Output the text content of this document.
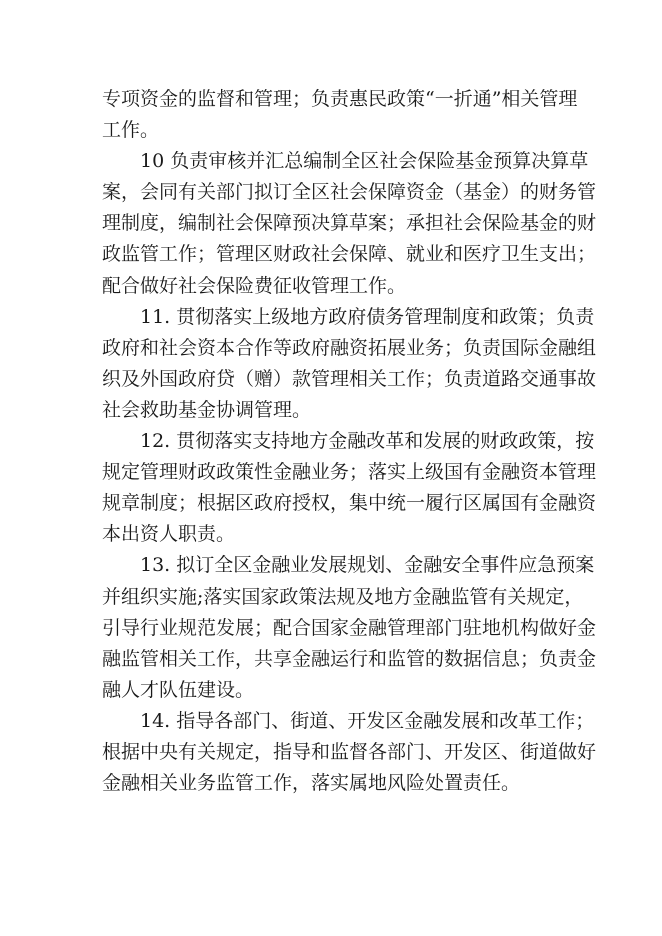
专项资金的监督和管理；负责惠民政策“一折通”相关管理
工作。
10 负责审核并汇总编制全区社会保险基金预算决算草
案，会同有关部门拟订全区社会保障资金（基金）的财务管
理制度，编制社会保障预决算草案；承担社会保险基金的财
政监管工作；管理区财政社会保障、就业和医疗卫生支出；
配合做好社会保险费征收管理工作。
11. 贯彻落实上级地方政府债务管理制度和政策；负责
政府和社会资本合作等政府融资拓展业务；负责国际金融组
织及外国政府贷（赠）款管理相关工作；负责道路交通事故
社会救助基金协调管理。
12. 贯彻落实支持地方金融改革和发展的财政政策，按
规定管理财政政策性金融业务；落实上级国有金融资本管理
规章制度；根据区政府授权，集中统一履行区属国有金融资
本出资人职责。
13. 拟订全区金融业发展规划、金融安全事件应急预案
并组织实施;落实国家政策法规及地方金融监管有关规定，
引导行业规范发展；配合国家金融管理部门驻地机构做好金
融监管相关工作，共享金融运行和监管的数据信息；负责金
融人才队伍建设。
14. 指导各部门、街道、开发区金融发展和改革工作；
根据中央有关规定，指导和监督各部门、开发区、街道做好
金融相关业务监管工作，落实属地风险处置责任。
